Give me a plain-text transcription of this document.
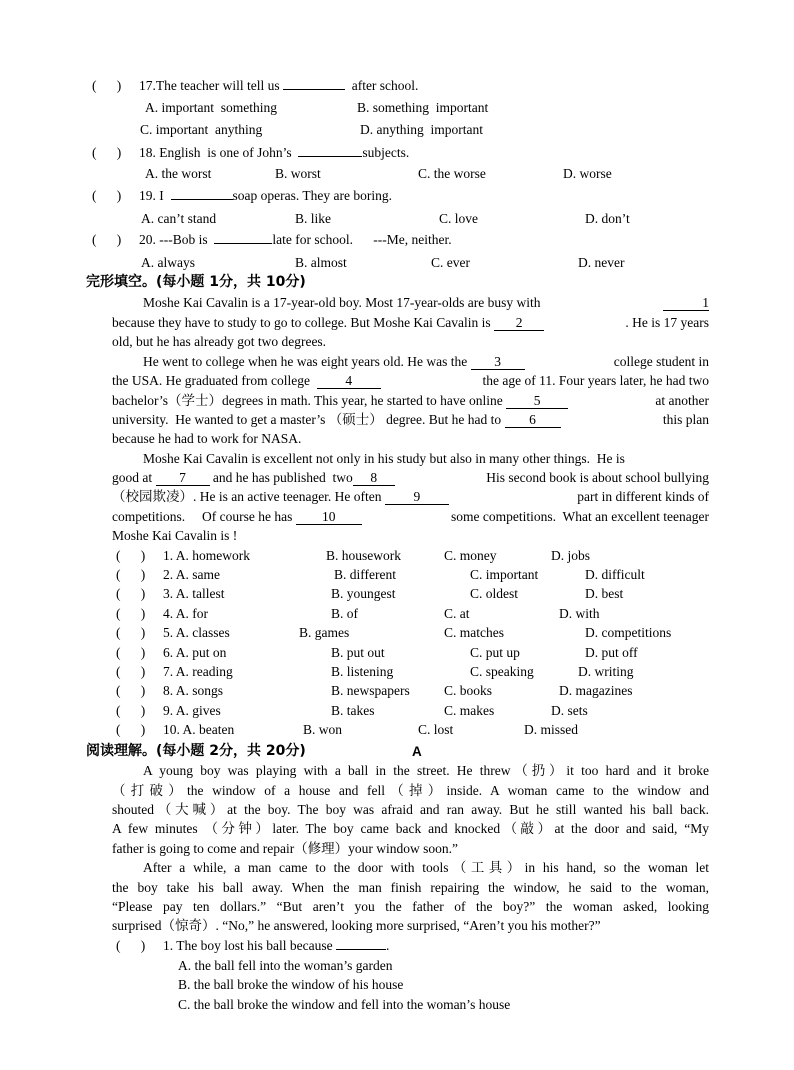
(      ) 17.The teacher will tell us	after school.
A. important  something	B. something  important
C. important  anything	D. anything  important
(      ) 18. English  is one of John’s	subjects.
A. the worst	B. worst	C. the worse	D. worse
(      ) 19. I	soap operas. They are boring.
A. can’t stand	B. like	C. love	D. don’t
(      ) 20. ---Bob is	late for school.      ---Me, neither.
A. always	B. almost	C. ever	D. never
完形填空。(每小题 1分，共 10分)
Moshe Kai Cavalin is a 17-year-old boy. Most 17-year-olds are busy with	1
because they have to study to go to college. But Moshe Kai Cavalin is 2	. He is 17 years
old, but he has already got two degrees.
He went to college when he was eight years old. He was the 3	college student in
the USA. He graduated from college	4	the age of 11. Four years later, he had two
bachelor’s（学士）degrees in math. This year, he started to have online 5	at another
university.  He wanted to get a master’s （硕士） degree. But he had to 6	this plan
because he had to work for NASA.
Moshe Kai Cavalin is excellent not only in his study but also in many other things.  He is
good at 7 and he has published  two 8	His second book is about school bullying
（校园欺凌）. He is an active teenager. He often 9	part in different kinds of
competitions.     Of course he has 10	some competitions.  What an excellent teenager
Moshe Kai Cavalin is !
(      ) 1. A. homework	B. housework	C. money	D. jobs
(      ) 2. A. same	B. different	C. important	D. difficult
(      ) 3. A. tallest	B. youngest	C. oldest	D. best
(      ) 4. A. for	B. of	C. at	D. with
(      ) 5. A. classes	B. games	C. matches	D. competitions
(      ) 6. A. put on	B. put out	C. put up	D. put off
(      ) 7. A. reading	B. listening	C. speaking	D. writing
(      ) 8. A. songs	B. newspapers	C. books	D. magazines
(      ) 9. A. gives	B. takes	C. makes	D. sets
(      ) 10. A. beaten	B. won	C. lost	D. missed
阅读理解。(每小题 2分，共 20分)	A
A young boy was playing with a ball in the street. He threw（扔）it too hard and it broke
（打破）the window of a house and fell（掉）inside. A woman came to the window and
shouted（大喊）at the boy. The boy was afraid and ran away. But he still wanted his ball back.
A few minutes （分钟）later. The boy came back and knocked（敲）at the door and said, “My
father is going to come and repair（修理）your window soon.”
After a while, a man came to the door with tools（工具）in his hand, so the woman let
the boy take his ball away. When the man finish repairing the window, he said to the woman,
“Please pay ten dollars.” “But aren’t you the father of the boy?” the woman asked, looking
surprised（惊奇）. “No,” he answered, looking more surprised, “Aren’t you his mother?”
(      ) 1. The boy lost his ball because	.
A. the ball fell into the woman’s garden
B. the ball broke the window of his house
C. the ball broke the window and fell into the woman’s house
